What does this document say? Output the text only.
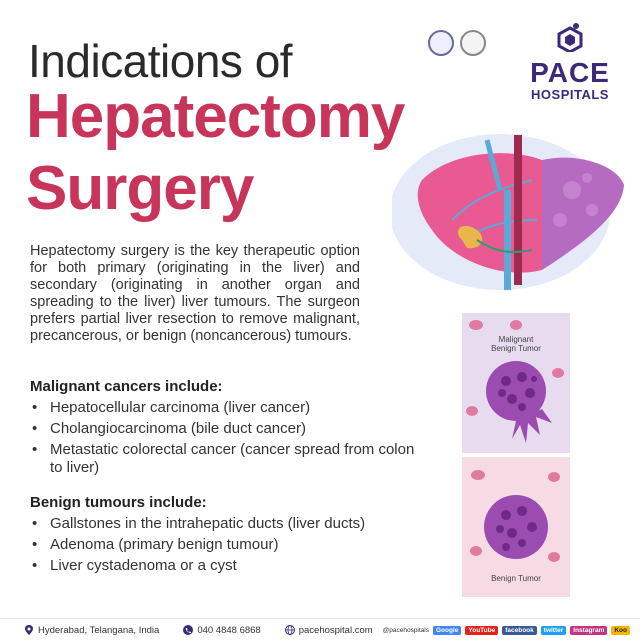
Indications of
Hepatectomy
Surgery
PACE
HOSPITALS
Hepatectomy surgery is the key therapeutic option for both primary (originating in the liver) and secondary (originating in another organ and spreading to the liver) liver tumours. The surgeon prefers partial liver resection to remove malignant, precancerous, or benign (noncancerous) tumours.
Malignant cancers include:
• Hepatocellular carcinoma (liver cancer)
• Cholangiocarcinoma (bile duct cancer)
• Metastatic colorectal cancer (cancer spread from colon to liver)
Benign tumours include:
• Gallstones in the intrahepatic ducts (liver ducts)
• Adenoma (primary benign tumour)
• Liver cystadenoma or a cyst
Malignant
Benign Tumor
Benign Tumor
Hyderabad, Telangana, India	040 4848 6868	pacehospital.com @pacehospitals	Google	YouTube	facebook	twitter	Instagram	Koo
